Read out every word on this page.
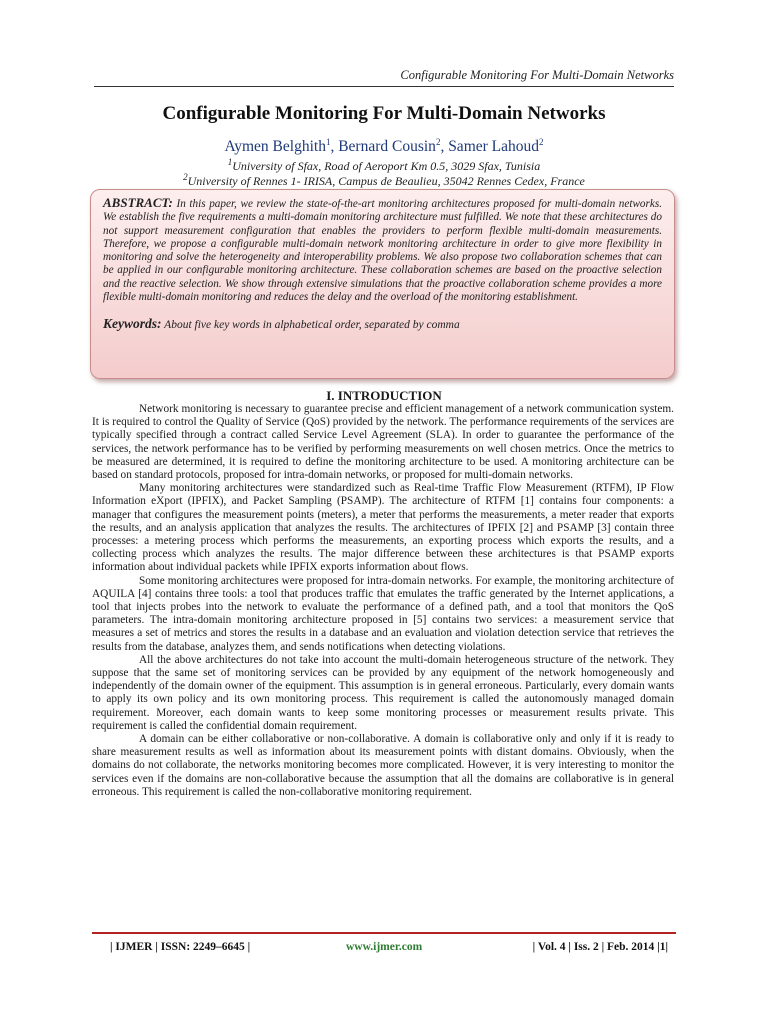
Configurable Monitoring For Multi-Domain Networks
Configurable Monitoring For Multi-Domain Networks
Aymen Belghith$^1$, Bernard Cousin$^2$, Samer Lahoud$^2$
$^1$University of Sfax, Road of Aeroport Km 0.5, 3029 Sfax, Tunisia
$^2$University of Rennes 1- IRISA, Campus de Beaulieu, 35042 Rennes Cedex, France

ABSTRACT: In this paper, we review the state-of-the-art monitoring architectures proposed for multi-domain networks. We establish the five requirements a multi-domain monitoring architecture must fulfilled. We note that these architectures do not support measurement configuration that enables the providers to perform flexible multi-domain measurements. Therefore, we propose a configurable multi-domain network monitoring architecture in order to give more flexibility in monitoring and solve the heterogeneity and interoperability problems. We also propose two collaboration schemes that can be applied in our configurable monitoring architecture. These collaboration schemes are based on the proactive selection and the reactive selection. We show through extensive simulations that the proactive collaboration scheme provides a more flexible multi-domain monitoring and reduces the delay and the overload of the monitoring establishment.

Keywords: About five key words in alphabetical order, separated by comma
I. INTRODUCTION

Network monitoring is necessary to guarantee precise and efficient management of a network communication system. It is required to control the Quality of Service (QoS) provided by the network. The performance requirements of the services are typically specified through a contract called Service Level Agreement (SLA). In order to guarantee the performance of the services, the network performance has to be verified by performing measurements on well chosen metrics. Once the metrics to be measured are determined, it is required to define the monitoring architecture to be used. A monitoring architecture can be based on standard protocols, proposed for intra-domain networks, or proposed for multi-domain networks.

Many monitoring architectures were standardized such as Real-time Traffic Flow Measurement (RTFM), IP Flow Information eXport (IPFIX), and Packet Sampling (PSAMP). The architecture of RTFM [1] contains four components: a manager that configures the measurement points (meters), a meter that performs the measurements, a meter reader that exports the results, and an analysis application that analyzes the results. The architectures of IPFIX [2] and PSAMP [3] contain three processes: a metering process which performs the measurements, an exporting process which exports the results, and a collecting process which analyzes the results. The major difference between these architectures is that PSAMP exports information about individual packets while IPFIX exports information about flows.

Some monitoring architectures were proposed for intra-domain networks. For example, the monitoring architecture of AQUILA [4] contains three tools: a tool that produces traffic that emulates the traffic generated by the Internet applications, a tool that injects probes into the network to evaluate the performance of a defined path, and a tool that monitors the QoS parameters. The intra-domain monitoring architecture proposed in [5] contains two services: a measurement service that measures a set of metrics and stores the results in a database and an evaluation and violation detection service that retrieves the results from the database, analyzes them, and sends notifications when detecting violations.

All the above architectures do not take into account the multi-domain heterogeneous structure of the network. They suppose that the same set of monitoring services can be provided by any equipment of the network homogeneously and independently of the domain owner of the equipment. This assumption is in general erroneous. Particularly, every domain wants to apply its own policy and its own monitoring process. This requirement is called the autonomously managed domain requirement. Moreover, each domain wants to keep some monitoring processes or measurement results private. This requirement is called the confidential domain requirement.

A domain can be either collaborative or non-collaborative. A domain is collaborative only and only if it is ready to share measurement results as well as information about its measurement points with distant domains. Obviously, when the domains do not collaborate, the networks monitoring becomes more complicated. However, it is very interesting to monitor the services even if the domains are non-collaborative because the assumption that all the domains are collaborative is in general erroneous. This requirement is called the non-collaborative monitoring requirement.

| IJMER | ISSN: 2249–6645 |	www.ijmer.com	| Vol. 4 | Iss. 2 | Feb. 2014 |1|
